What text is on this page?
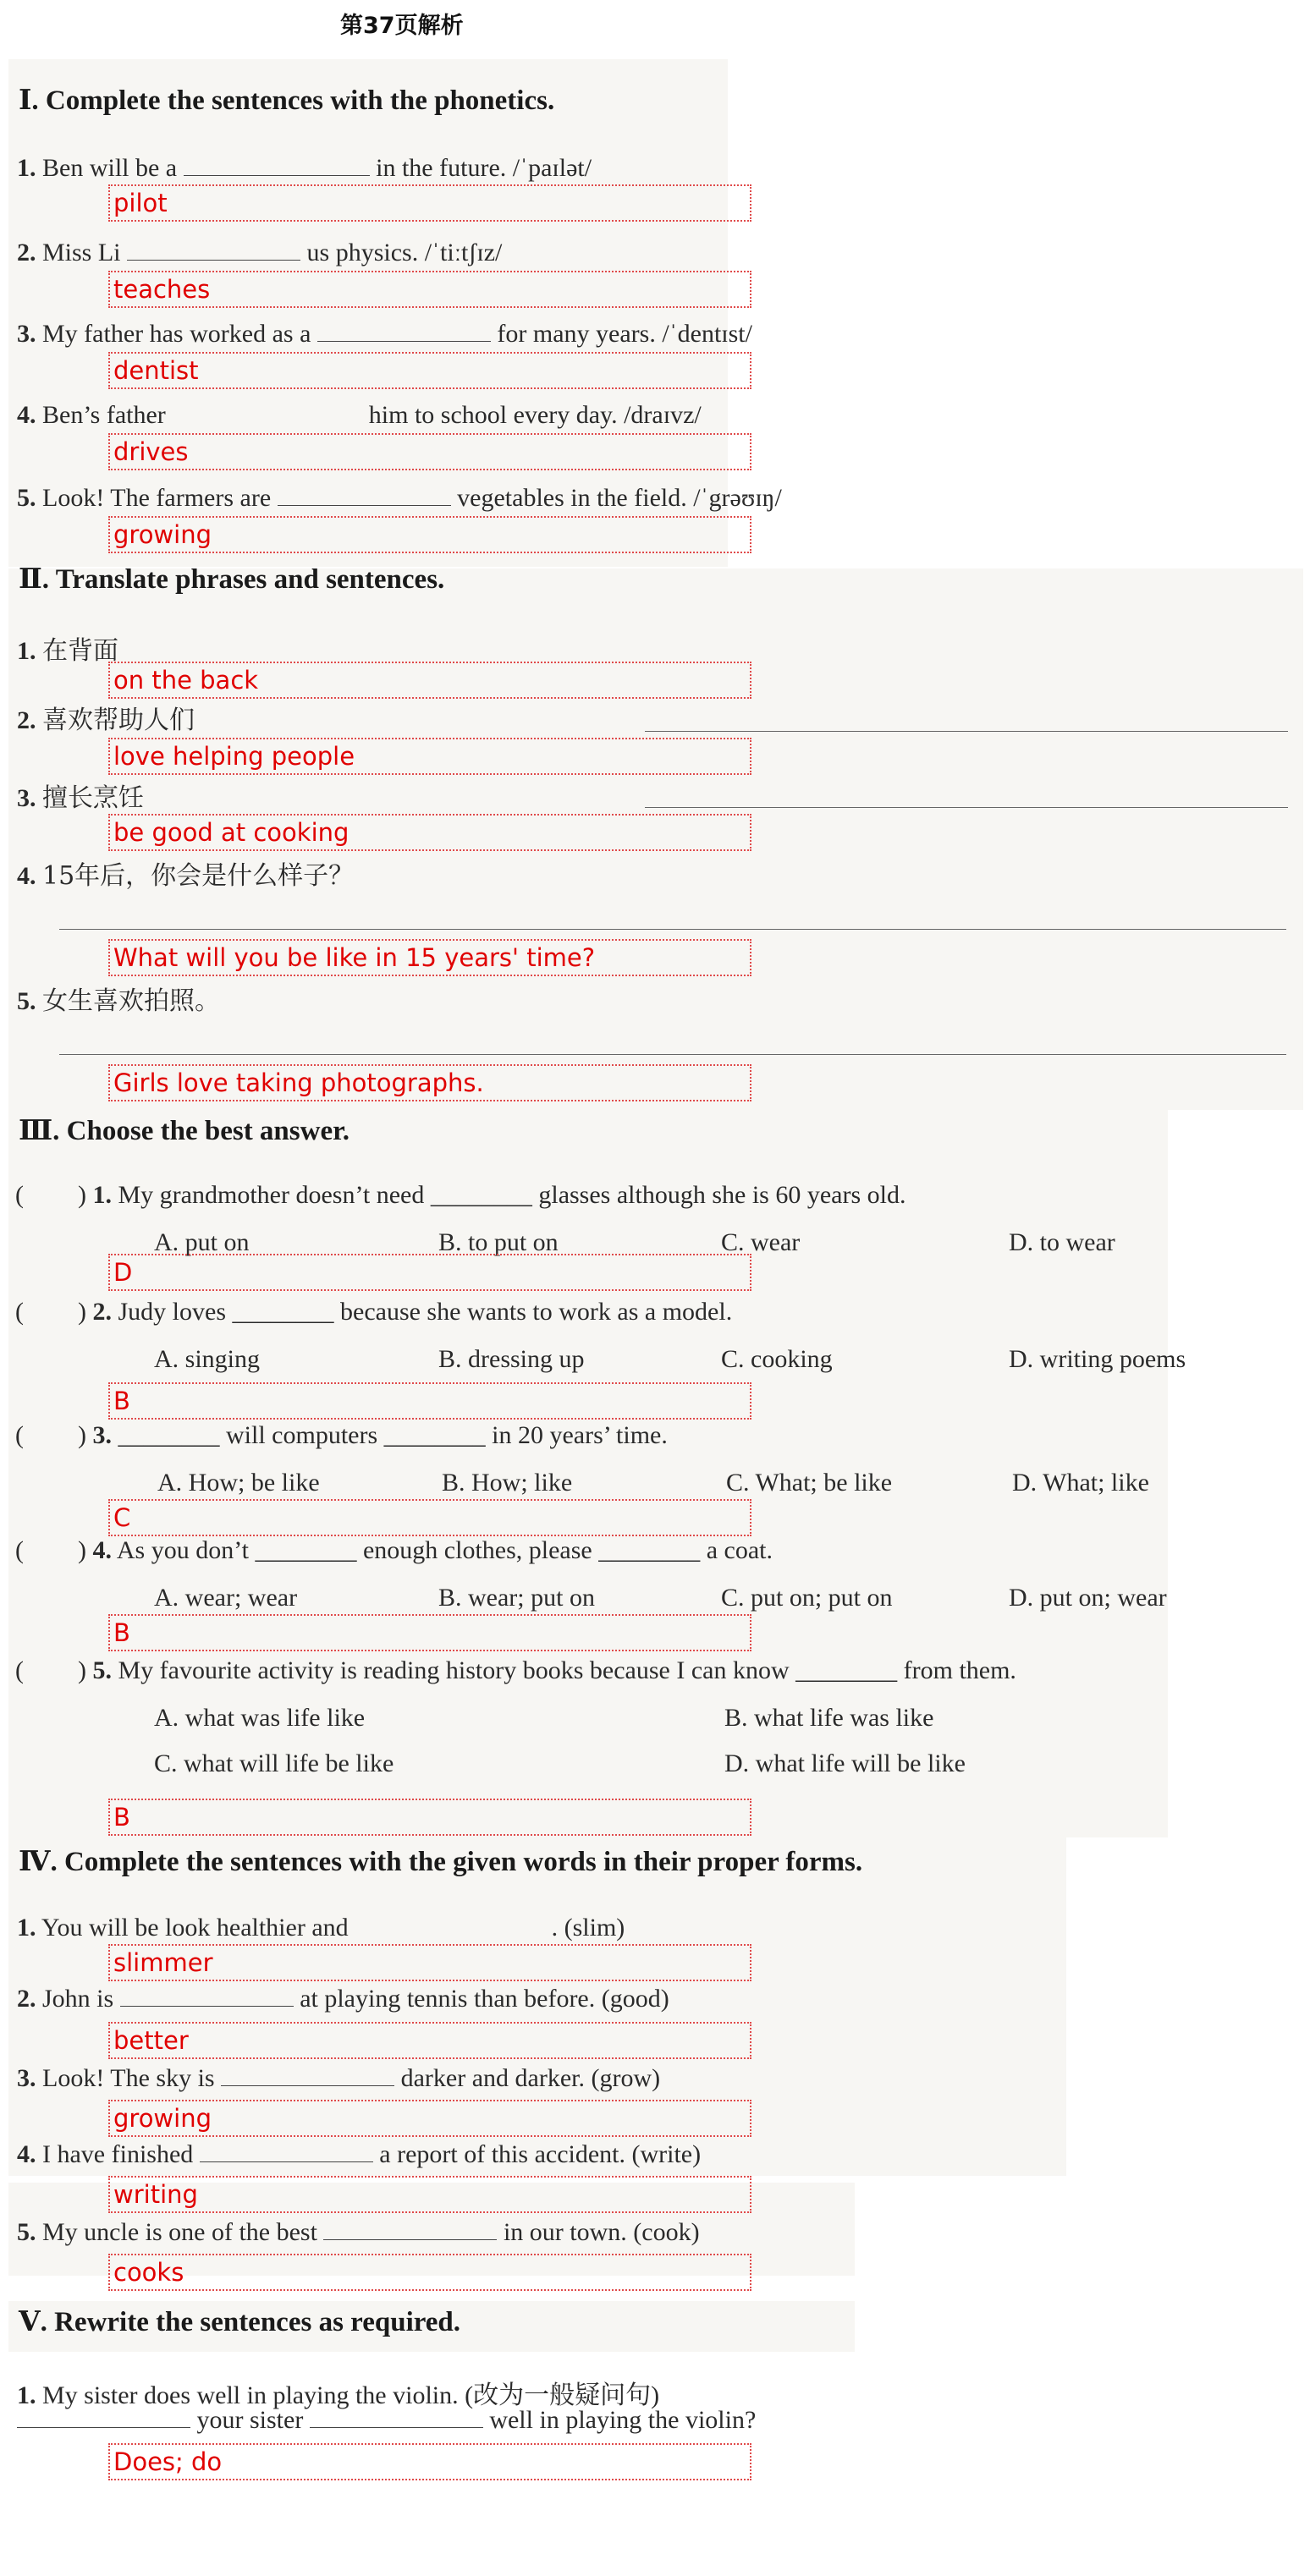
第37页解析
Ⅰ. Complete the sentences with the phonetics.
1. Ben will be a	in the future. /ˈpaɪlət/
pilot
2. Miss Li	us physics. /ˈtiːtʃɪz/
teaches
3. My father has worked as a	for many years. /ˈdentɪst/
dentist
4. Ben’s father	him to school every day. /draɪvz/
drives
5. Look! The farmers are	vegetables in the field. /ˈgrəʊɪŋ/
growing
Ⅱ. Translate phrases and sentences.
1. 在背面
on the back
2. 喜欢帮助人们
love helping people
3. 擅长烹饪
be good at cooking
4. 15年后，你会是什么样子？
What will you be like in 15 years' time?
5. 女生喜欢拍照。
Girls love taking photographs.
Ⅲ. Choose the best answer.
( ) 1. My grandmother doesn’t need ________ glasses although she is 60 years old.
A. put on	B. to put on	C. wear	D. to wear
D
( ) 2. Judy loves ________ because she wants to work as a model.
A. singing	B. dressing up	C. cooking	D. writing poems
B
( ) 3. ________ will computers ________ in 20 years’ time.
A. How; be like	B. How; like	C. What; be like	D. What; like
C
( ) 4. As you don’t ________ enough clothes, please ________ a coat.
A. wear; wear	B. wear; put on	C. put on; put on	D. put on; wear
B
( ) 5. My favourite activity is reading history books because I can know ________ from them.
A. what was life like	B. what life was like
C. what will life be like	D. what life will be like
B
Ⅳ. Complete the sentences with the given words in their proper forms.
1. You will be look healthier and	. (slim)
slimmer
2. John is	at playing tennis than before. (good)
better
3. Look! The sky is	darker and darker. (grow)
growing
4. I have finished	a report of this accident. (write)
writing
5. My uncle is one of the best	in our town. (cook)
cooks
Ⅴ. Rewrite the sentences as required.
1. My sister does well in playing the violin. (改为一般疑问句)
your sister	well in playing the violin?
Does; do
